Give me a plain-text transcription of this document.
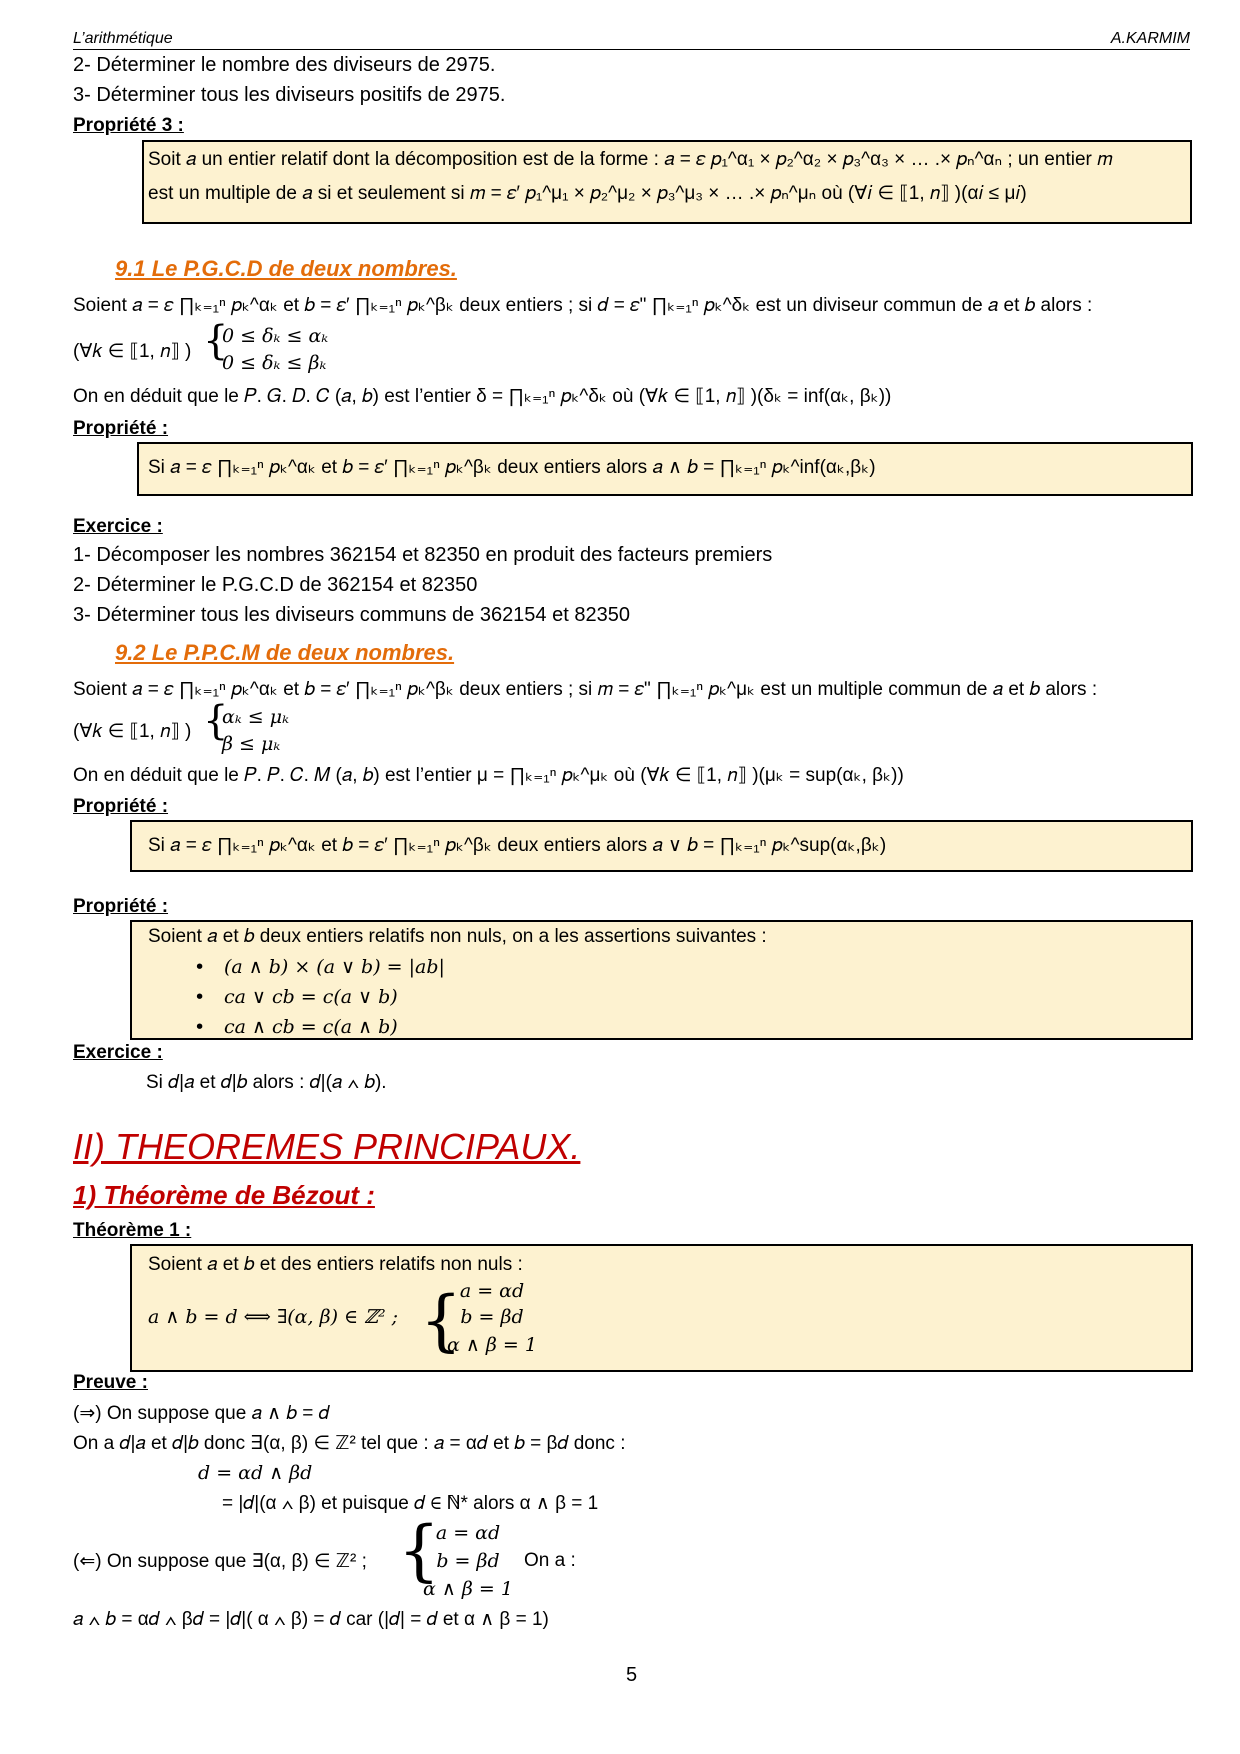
L’arithmétique	A.KARMIM
2- Déterminer le nombre des diviseurs de 2975.
3- Déterminer tous les diviseurs positifs de 2975.
Propriété 3 :
Soit 𝑎 un entier relatif dont la décomposition est de la forme : 𝑎 = 𝜀 𝑝₁^α₁ × 𝑝₂^α₂ × 𝑝₃^α₃ × … .× 𝑝ₙ^αₙ ; un entier 𝑚
est un multiple de 𝑎 si et seulement si 𝑚 = 𝜀′ 𝑝₁^μ₁ × 𝑝₂^μ₂ × 𝑝₃^μ₃ × … .× 𝑝ₙ^μₙ où (∀𝑖 ∈ ⟦1, 𝑛⟧ )(α𝑖 ≤ μ𝑖)
9.1 Le P.G.C.D de deux nombres.
Soient 𝑎 = 𝜀 ∏ₖ₌₁ⁿ 𝑝ₖ^αₖ et 𝑏 = 𝜀′ ∏ₖ₌₁ⁿ 𝑝ₖ^βₖ deux entiers ; si 𝑑 = 𝜀" ∏ₖ₌₁ⁿ 𝑝ₖ^δₖ est un diviseur commun de 𝑎 et 𝑏 alors :
(∀𝑘 ∈ ⟦1, 𝑛⟧ ) {
0 ≤ δₖ ≤ αₖ
0 ≤ δₖ ≤ βₖ
On en déduit que le 𝑃. 𝐺. 𝐷. 𝐶 (𝑎, 𝑏) est l’entier δ = ∏ₖ₌₁ⁿ 𝑝ₖ^δₖ où (∀𝑘 ∈ ⟦1, 𝑛⟧ )(δₖ = inf(αₖ, βₖ))
Propriété :
Si 𝑎 = 𝜀 ∏ₖ₌₁ⁿ 𝑝ₖ^αₖ et 𝑏 = 𝜀′ ∏ₖ₌₁ⁿ 𝑝ₖ^βₖ deux entiers alors 𝑎 ∧ 𝑏 = ∏ₖ₌₁ⁿ 𝑝ₖ^inf(αₖ,βₖ)
Exercice :
1- Décomposer les nombres 362154 et 82350 en produit des facteurs premiers
2- Déterminer le P.G.C.D de 362154 et 82350
3- Déterminer tous les diviseurs communs de 362154 et 82350
9.2 Le P.P.C.M de deux nombres.
Soient 𝑎 = 𝜀 ∏ₖ₌₁ⁿ 𝑝ₖ^αₖ et 𝑏 = 𝜀′ ∏ₖ₌₁ⁿ 𝑝ₖ^βₖ deux entiers ; si 𝑚 = 𝜀" ∏ₖ₌₁ⁿ 𝑝ₖ^μₖ est un multiple commun de 𝑎 et 𝑏 alors :
(∀𝑘 ∈ ⟦1, 𝑛⟧ ) {
αₖ ≤ μₖ
β ≤ μₖ
On en déduit que le 𝑃. 𝑃. 𝐶. 𝑀 (𝑎, 𝑏) est l’entier μ = ∏ₖ₌₁ⁿ 𝑝ₖ^μₖ où (∀𝑘 ∈ ⟦1, 𝑛⟧ )(μₖ = sup(αₖ, βₖ))
Propriété :
Si 𝑎 = 𝜀 ∏ₖ₌₁ⁿ 𝑝ₖ^αₖ et 𝑏 = 𝜀′ ∏ₖ₌₁ⁿ 𝑝ₖ^βₖ deux entiers alors 𝑎 ∨ 𝑏 = ∏ₖ₌₁ⁿ 𝑝ₖ^sup(αₖ,βₖ)
Propriété :
Soient 𝑎 et 𝑏 deux entiers relatifs non nuls, on a les assertions suivantes :
• (𝑎 ∧ 𝑏) × (𝑎 ∨ 𝑏) = |𝑎𝑏|
• 𝑐𝑎 ∨ 𝑐𝑏 = 𝑐(𝑎 ∨ 𝑏)
• 𝑐𝑎 ∧ 𝑐𝑏 = 𝑐(𝑎 ∧ 𝑏)
Exercice :
Si 𝑑|𝑎 et 𝑑|𝑏 alors : 𝑑|(𝑎 ∧ 𝑏).
II) THEOREMES PRINCIPAUX.
1) Théorème de Bézout :
Théorème 1 :
Soient 𝑎 et 𝑏 et des entiers relatifs non nuls :
𝑎 ∧ 𝑏 = 𝑑 ⟺ ∃(α, β) ∈ ℤ² ; {
𝑎 = α𝑑
𝑏 = β𝑑
α ∧ β = 1
Preuve :
(⇒) On suppose que 𝑎 ∧ 𝑏 = 𝑑
On a 𝑑|𝑎 et 𝑑|𝑏 donc ∃(α, β) ∈ ℤ² tel que : 𝑎 = α𝑑 et 𝑏 = β𝑑 donc :
𝑑 = α𝑑 ∧ β𝑑
= |𝑑|(α ∧ β) et puisque 𝑑 ∈ ℕ* alors α ∧ β = 1
(⇐) On suppose que ∃(α, β) ∈ ℤ² ; {
𝑎 = α𝑑
𝑏 = β𝑑
α ∧ β = 1
On a :
𝑎 ∧ 𝑏 = α𝑑 ∧ β𝑑 = |𝑑|( α ∧ β) = 𝑑 car (|𝑑| = 𝑑 et α ∧ β = 1)
5
